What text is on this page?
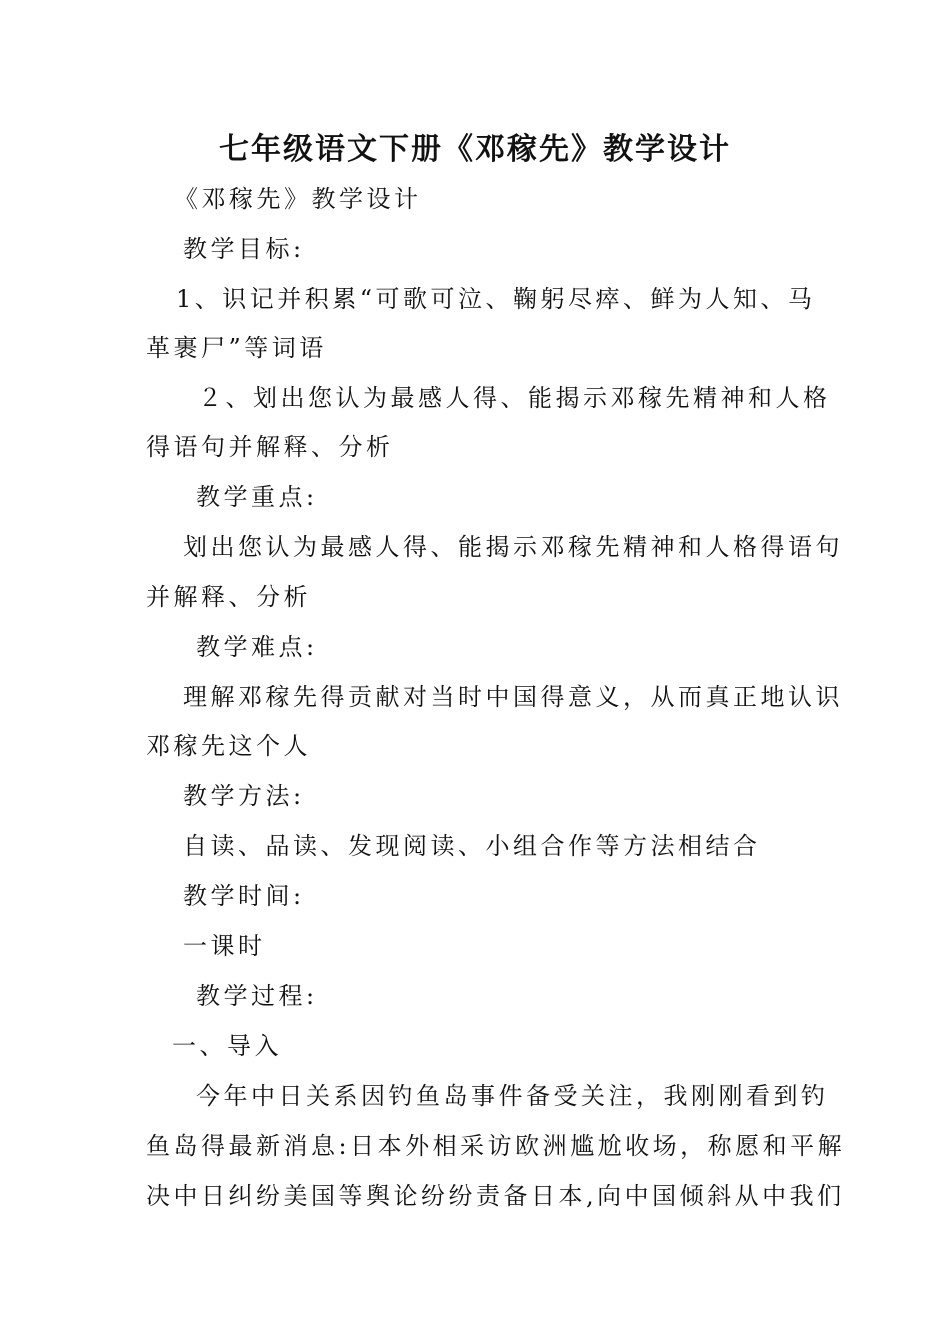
七年级语文下册《邓稼先》教学设计
《邓稼先》教学设计
教学目标:
1、识记并积累“可歌可泣、鞠躬尽瘁、鲜为人知、马
革裹尸”等词语
２、划出您认为最感人得、能揭示邓稼先精神和人格
得语句并解释、分析
教学重点:
划出您认为最感人得、能揭示邓稼先精神和人格得语句
并解释、分析
教学难点:
理解邓稼先得贡献对当时中国得意义，从而真正地认识
邓稼先这个人
教学方法:
自读、品读、发现阅读、小组合作等方法相结合
教学时间:
一课时
教学过程:
一、导入
今年中日关系因钓鱼岛事件备受关注，我刚刚看到钓
鱼岛得最新消息:日本外相采访欧洲尴尬收场，称愿和平解
决中日纠纷美国等舆论纷纷责备日本,向中国倾斜从中我们
